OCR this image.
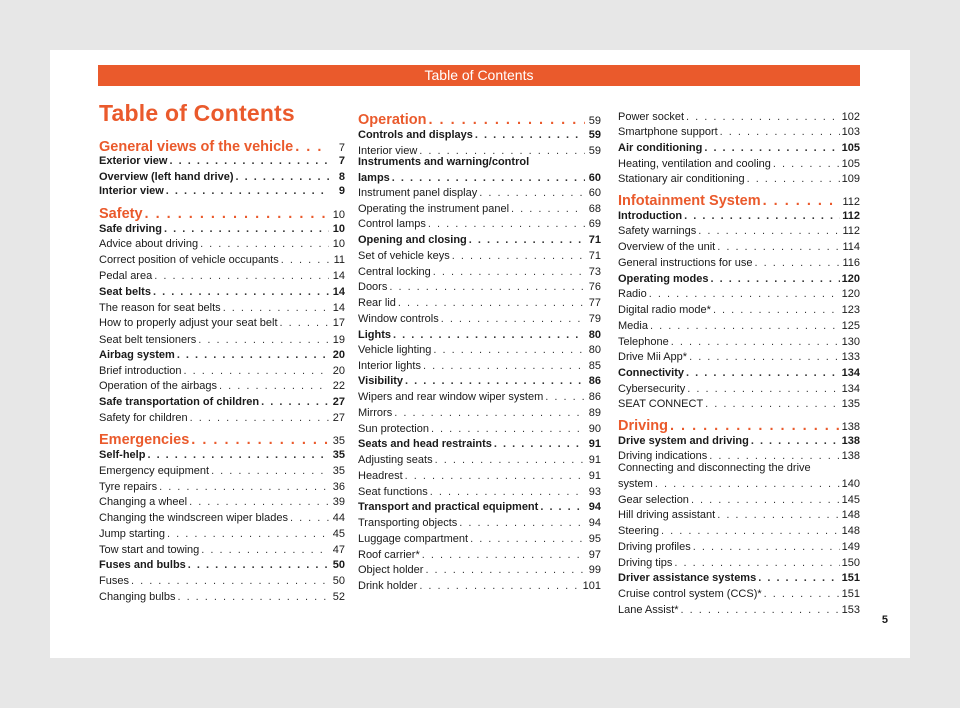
Table of Contents
Table of Contents
General views of the vehicle . . .	7
Exterior view . . .	7
Overview (left hand drive) . . .	8
Interior view . . .	9
Safety . . .	10
Safe driving . . .	10
Advice about driving . . .	10
Correct position of vehicle occupants . . .	11
Pedal area . . .	14
Seat belts . . .	14
The reason for seat belts . . .	14
How to properly adjust your seat belt . . .	17
Seat belt tensioners . . .	19
Airbag system . . .	20
Brief introduction . . .	20
Operation of the airbags . . .	22
Safe transportation of children . . .	27
Safety for children . . .	27
Emergencies . . .	35
Self-help . . .	35
Emergency equipment . . .	35
Tyre repairs . . .	36
Changing a wheel . . .	39
Changing the windscreen wiper blades . . .	44
Jump starting . . .	45
Tow start and towing . . .	47
Fuses and bulbs . . .	50
Fuses . . .	50
Changing bulbs . . .	52
Operation . . .	59
Controls and displays . . .	59
Interior view . . .	59
Instruments and warning/control
lamps . . .	60
Instrument panel display . . .	60
Operating the instrument panel . . .	68
Control lamps . . .	69
Opening and closing . . .	71
Set of vehicle keys . . .	71
Central locking . . .	73
Doors . . .	76
Rear lid . . .	77
Window controls . . .	79
Lights . . .	80
Vehicle lighting . . .	80
Interior lights . . .	85
Visibility . . .	86
Wipers and rear window wiper system . . .	86
Mirrors . . .	89
Sun protection . . .	90
Seats and head restraints . . .	91
Adjusting seats . . .	91
Headrest . . .	91
Seat functions . . .	93
Transport and practical equipment . . .	94
Transporting objects . . .	94
Luggage compartment . . .	95
Roof carrier* . . .	97
Object holder . . .	99
Drink holder . . .	101
Power socket . . .	102
Smartphone support . . .	103
Air conditioning . . .	105
Heating, ventilation and cooling . . .	105
Stationary air conditioning . . .	109
Infotainment System . . .	112
Introduction . . .	112
Safety warnings . . .	112
Overview of the unit . . .	114
General instructions for use . . .	116
Operating modes . . .	120
Radio . . .	120
Digital radio mode* . . .	123
Media . . .	125
Telephone . . .	130
Drive Mii App* . . .	133
Connectivity . . .	134
Cybersecurity . . .	134
SEAT CONNECT . . .	135
Driving . . .	138
Drive system and driving . . .	138
Driving indications . . .	138
Connecting and disconnecting the drive
system . . .	140
Gear selection . . .	145
Hill driving assistant . . .	148
Steering . . .	148
Driving profiles . . .	149
Driving tips . . .	150
Driver assistance systems . . .	151
Cruise control system (CCS)* . . .	151
Lane Assist* . . .	153
5
